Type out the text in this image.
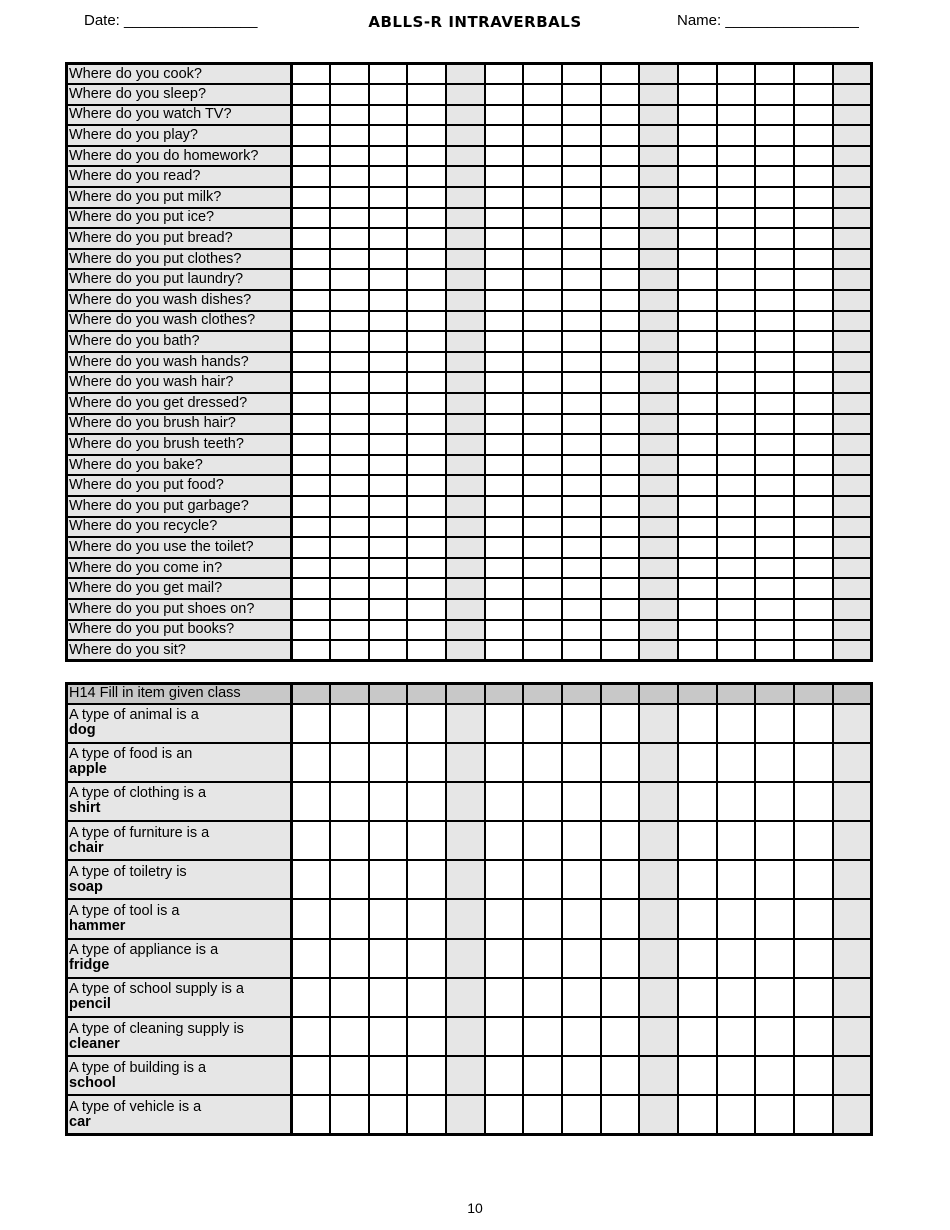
Date: ________________	ABLLS-R INTRAVERBALS	Name: ________________
Where do you cook?															
Where do you sleep?															
Where do you watch TV?															
Where do you play?															
Where do you do homework?															
Where do you read?															
Where do you put milk?															
Where do you put ice?															
Where do you put bread?															
Where do you put clothes?															
Where do you put laundry?															
Where do you wash dishes?															
Where do you wash clothes?															
Where do you bath?															
Where do you wash hands?															
Where do you wash hair?															
Where do you get dressed?															
Where do you brush hair?															
Where do you brush teeth?															
Where do you bake?															
Where do you put food?															
Where do you put garbage?															
Where do you recycle?															
Where do you use the toilet?															
Where do you come in?															
Where do you get mail?															
Where do you put shoes on?															
Where do you put books?															
Where do you sit?															
H14 Fill in item given class															
A type of animal is a
dog															

A type of food is an
apple															

A type of clothing is a
shirt															

A type of furniture is a
chair															

A type of toiletry is
soap															

A type of tool is a
hammer															

A type of appliance is a
fridge															

A type of school supply is a
pencil															

A type of cleaning supply is
cleaner															

A type of building is a
school															

A type of vehicle is a
car															

10
